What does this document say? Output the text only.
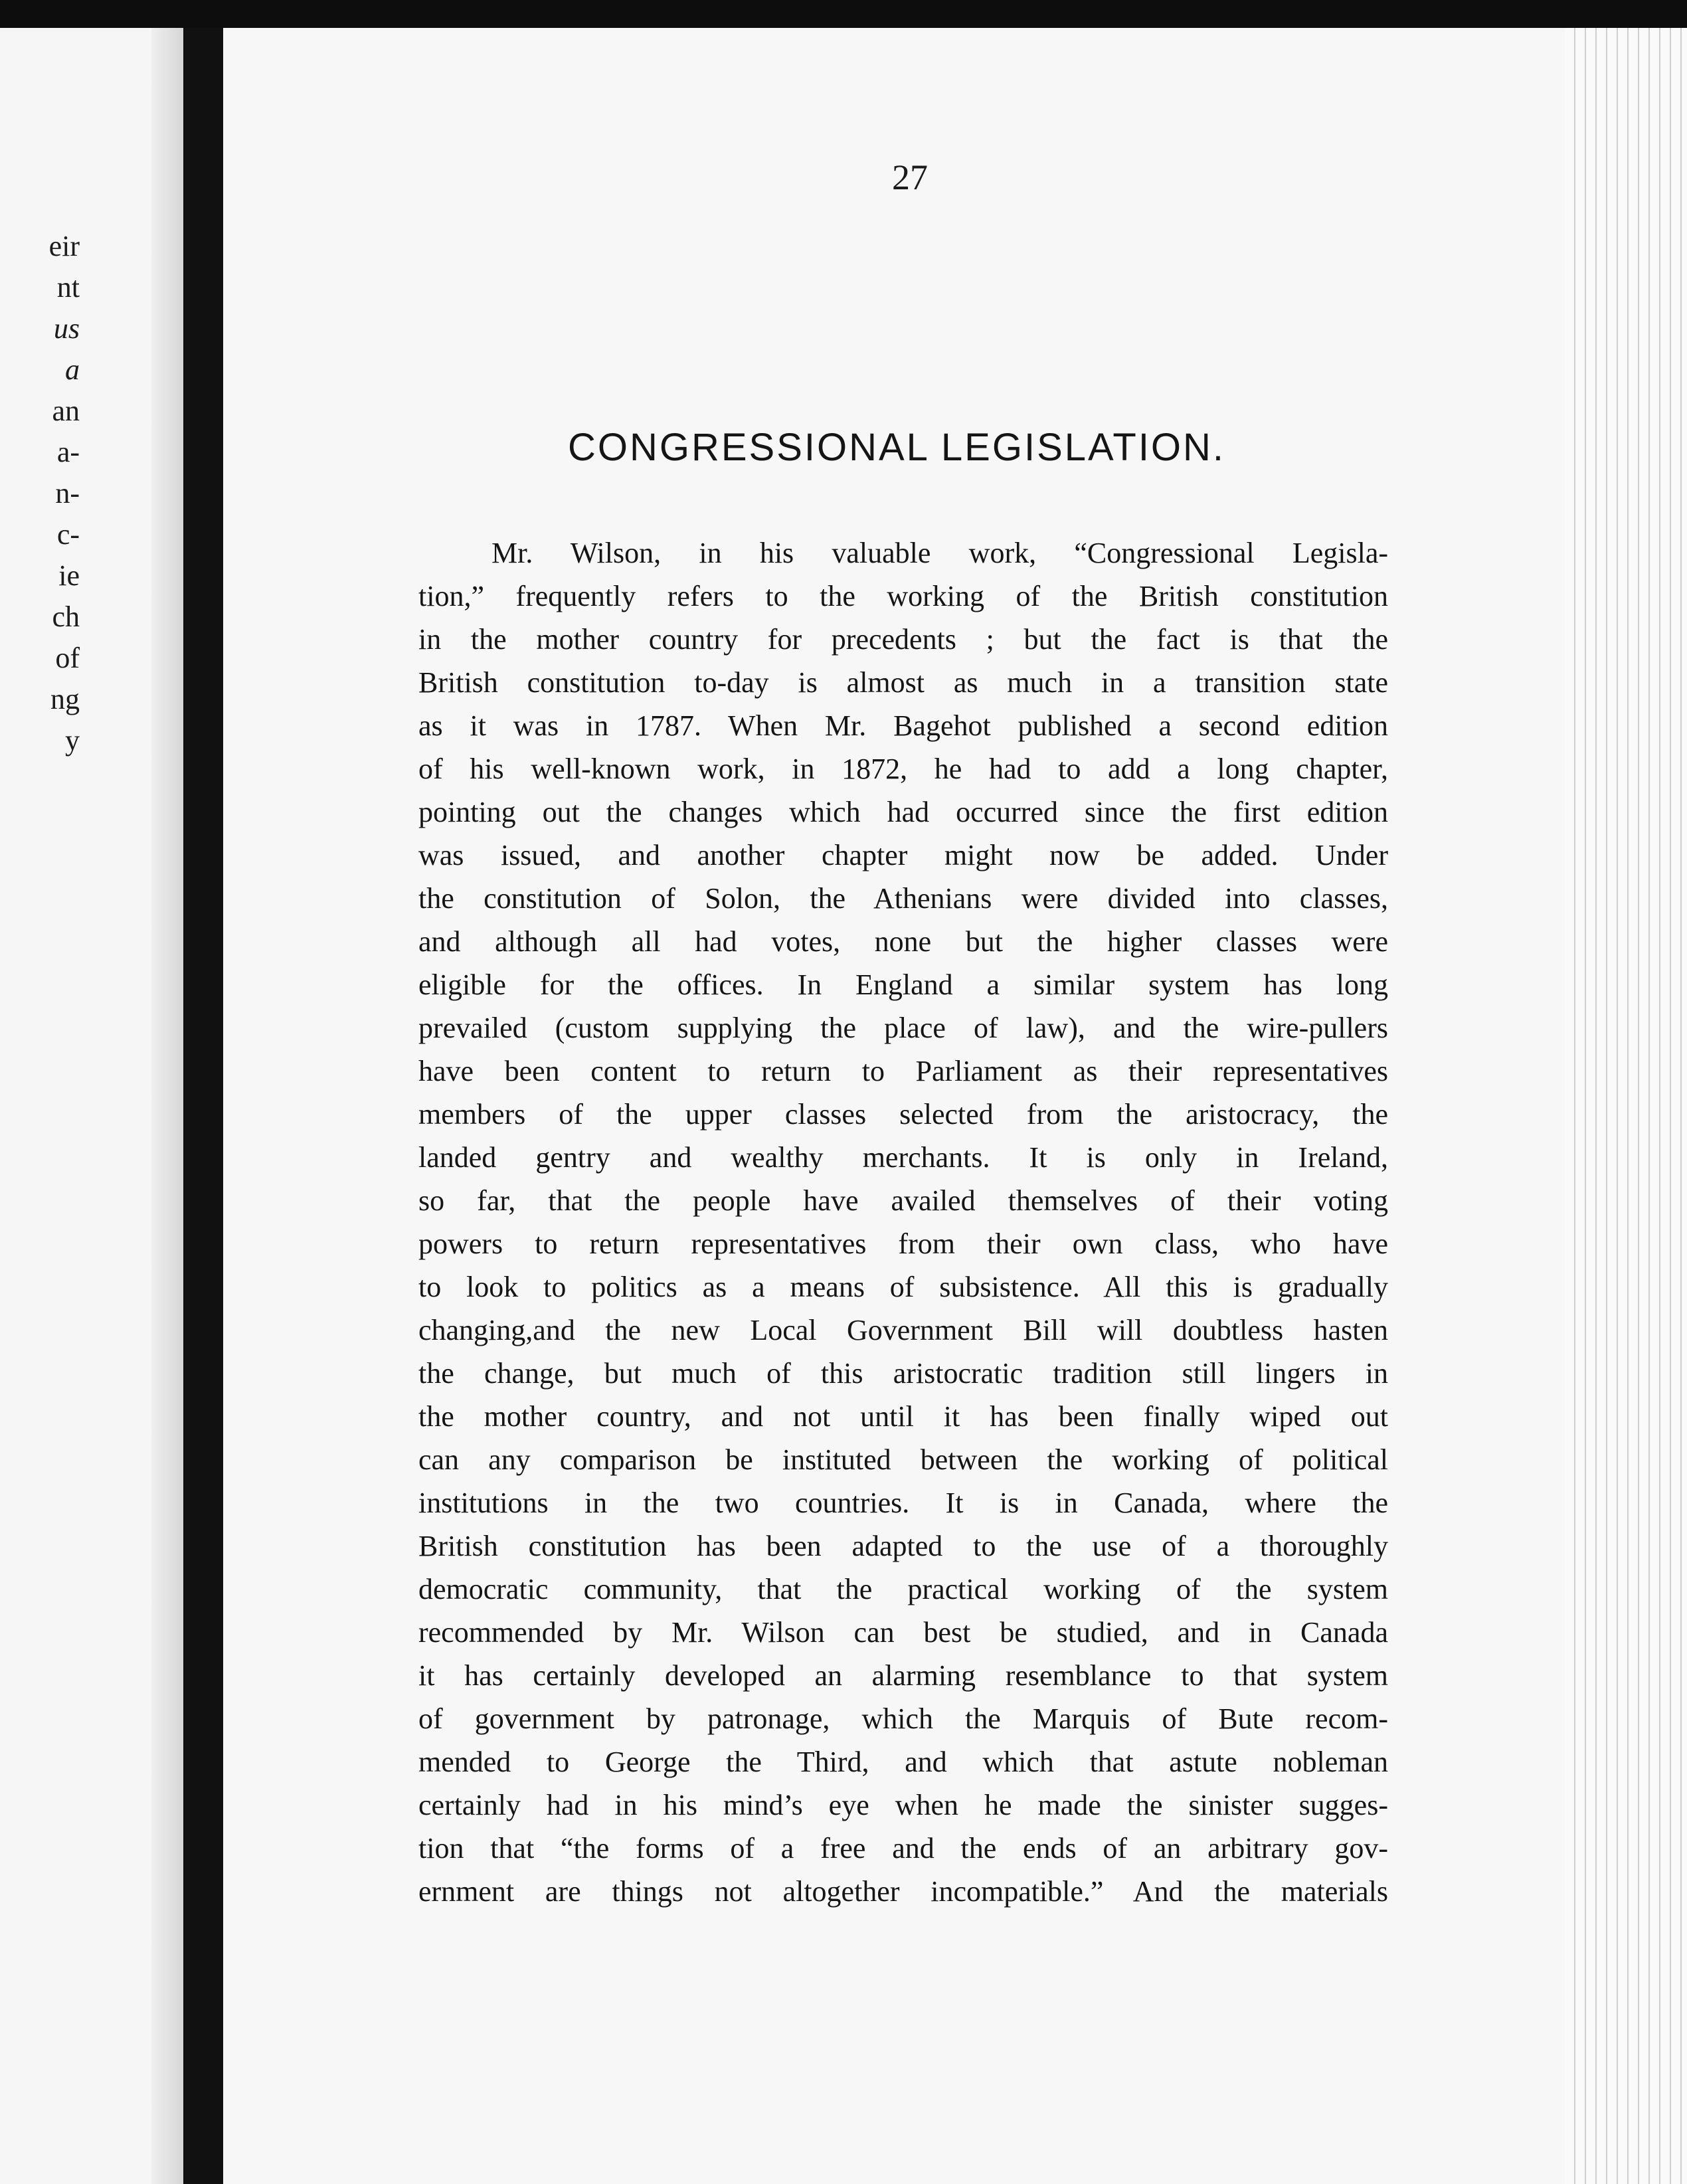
eir
nt
us
a
an
a-
n-
c-
ie
ch
of
ng
y
27
CONGRESSIONAL LEGISLATION.
Mr. Wilson, in his valuable work, “Congressional Legisla-
tion,” frequently refers to the working of the British constitution
in the mother country for precedents ; but the fact is that the
British constitution to-day is almost as much in a transition state
as it was in 1787. When Mr. Bagehot published a second edition
of his well-known work, in 1872, he had to add a long chapter,
pointing out the changes which had occurred since the first edition
was issued, and another chapter might now be added. Under
the constitution of Solon, the Athenians were divided into classes,
and although all had votes, none but the higher classes were
eligible for the offices. In England a similar system has long
prevailed (custom supplying the place of law), and the wire-pullers
have been content to return to Parliament as their representatives
members of the upper classes selected from the aristocracy, the
landed gentry and wealthy merchants. It is only in Ireland,
so far, that the people have availed themselves of their voting
powers to return representatives from their own class, who have
to look to politics as a means of subsistence. All this is gradually
changing,and the new Local Government Bill will doubtless hasten
the change, but much of this aristocratic tradition still lingers in
the mother country, and not until it has been finally wiped out
can any comparison be instituted between the working of political
institutions in the two countries. It is in Canada, where the
British constitution has been adapted to the use of a thoroughly
democratic community, that the practical working of the system
recommended by Mr. Wilson can best be studied, and in Canada
it has certainly developed an alarming resemblance to that system
of government by patronage, which the Marquis of Bute recom-
mended to George the Third, and which that astute nobleman
certainly had in his mind’s eye when he made the sinister sugges-
tion that “the forms of a free and the ends of an arbitrary gov-
ernment are things not altogether incompatible.” And the materials
